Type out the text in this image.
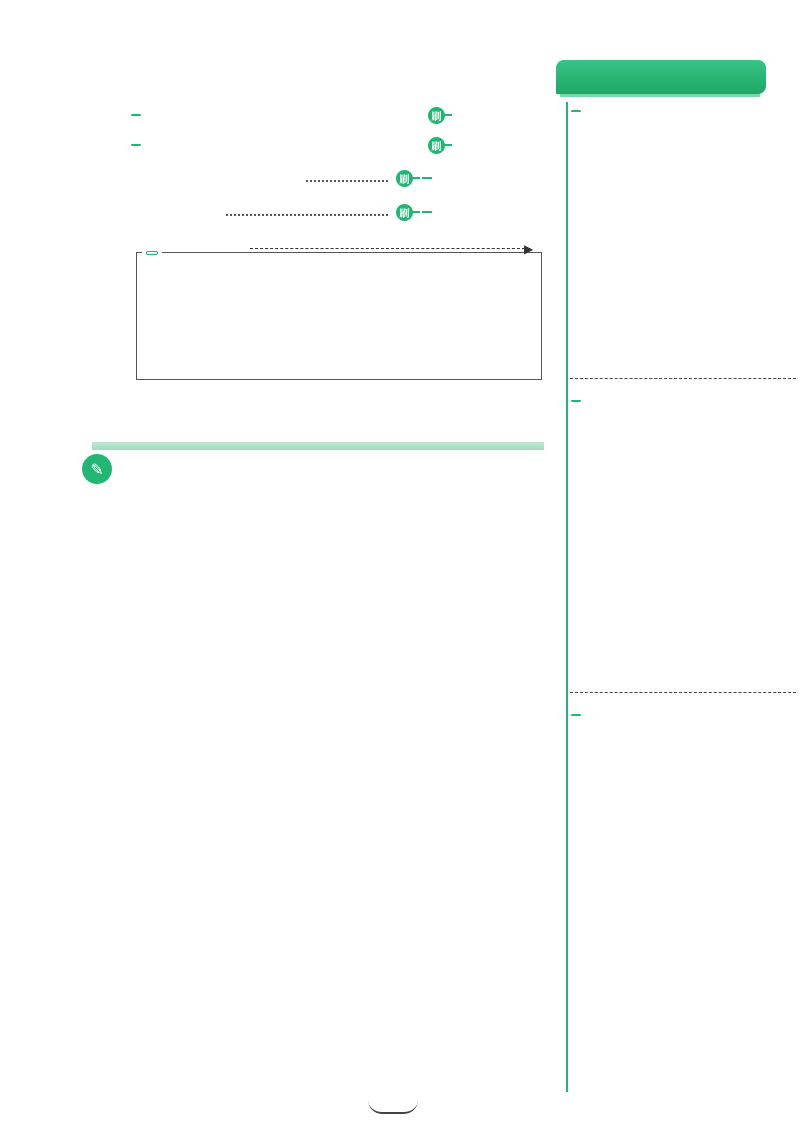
刷
刷
刷
刷
▶
✎
